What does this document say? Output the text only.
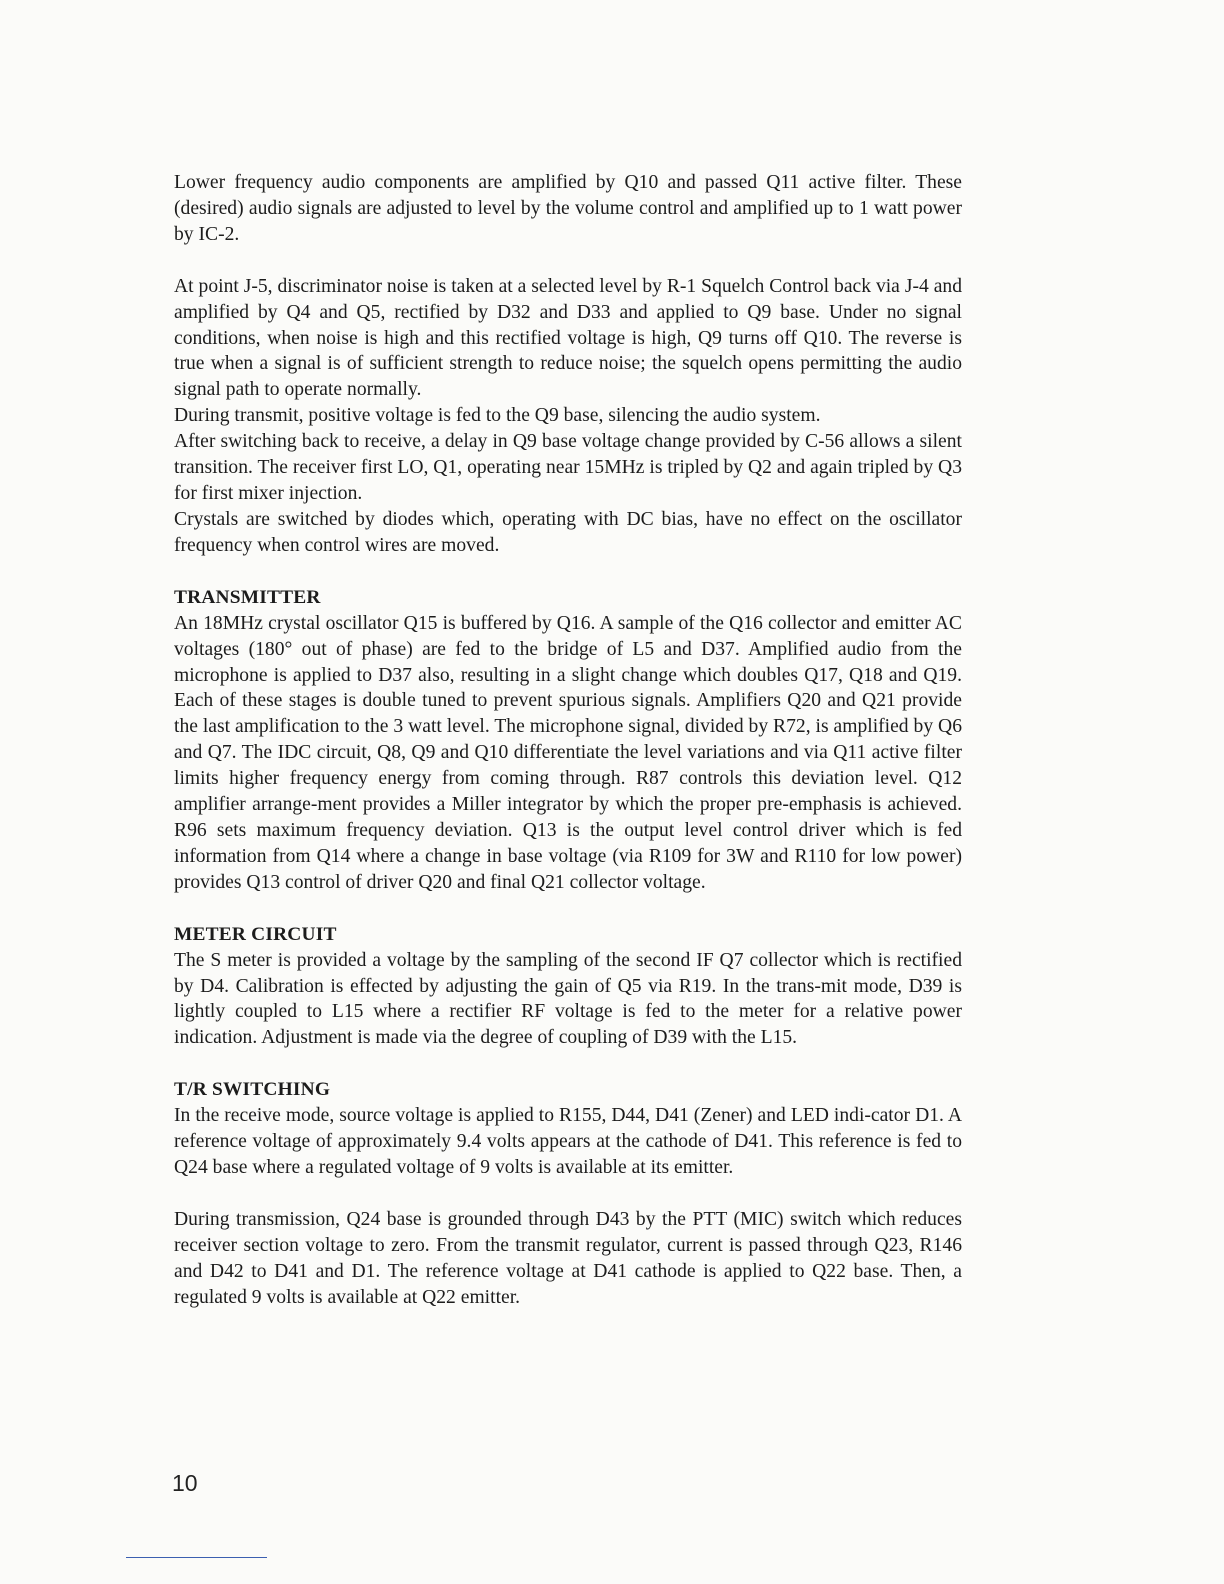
Lower frequency audio components are amplified by Q10 and passed Q11 active filter. These (desired) audio signals are adjusted to level by the volume control and amplified up to 1 watt power by IC-2.

At point J-5, discriminator noise is taken at a selected level by R-1 Squelch Control back via J-4 and amplified by Q4 and Q5, rectified by D32 and D33 and applied to Q9 base. Under no signal conditions, when noise is high and this rectified voltage is high, Q9 turns off Q10. The reverse is true when a signal is of sufficient strength to reduce noise; the squelch opens permitting the audio signal path to operate normally.

During transmit, positive voltage is fed to the Q9 base, silencing the audio system.

After switching back to receive, a delay in Q9 base voltage change provided by C-56 allows a silent transition. The receiver first LO, Q1, operating near 15MHz is tripled by Q2 and again tripled by Q3 for first mixer injection.

Crystals are switched by diodes which, operating with DC bias, have no effect on the oscillator frequency when control wires are moved.

TRANSMITTER

An 18MHz crystal oscillator Q15 is buffered by Q16. A sample of the Q16 collector and emitter AC voltages (180° out of phase) are fed to the bridge of L5 and D37. Amplified audio from the microphone is applied to D37 also, resulting in a slight change which doubles Q17, Q18 and Q19. Each of these stages is double tuned to prevent spurious signals. Amplifiers Q20 and Q21 provide the last amplification to the 3 watt level. The microphone signal, divided by R72, is amplified by Q6 and Q7. The IDC circuit, Q8, Q9 and Q10 differentiate the level variations and via Q11 active filter limits higher frequency energy from coming through. R87 controls this deviation level. Q12 amplifier arrange-ment provides a Miller integrator by which the proper pre-emphasis is achieved. R96 sets maximum frequency deviation. Q13 is the output level control driver which is fed information from Q14 where a change in base voltage (via R109 for 3W and R110 for low power) provides Q13 control of driver Q20 and final Q21 collector voltage.

METER CIRCUIT

The S meter is provided a voltage by the sampling of the second IF Q7 collector which is rectified by D4. Calibration is effected by adjusting the gain of Q5 via R19. In the trans-mit mode, D39 is lightly coupled to L15 where a rectifier RF voltage is fed to the meter for a relative power indication. Adjustment is made via the degree of coupling of D39 with the L15.

T/R SWITCHING

In the receive mode, source voltage is applied to R155, D44, D41 (Zener) and LED indi-cator D1. A reference voltage of approximately 9.4 volts appears at the cathode of D41. This reference is fed to Q24 base where a regulated voltage of 9 volts is available at its emitter.

During transmission, Q24 base is grounded through D43 by the PTT (MIC) switch which reduces receiver section voltage to zero. From the transmit regulator, current is passed through Q23, R146 and D42 to D41 and D1. The reference voltage at D41 cathode is applied to Q22 base. Then, a regulated 9 volts is available at Q22 emitter.

10
